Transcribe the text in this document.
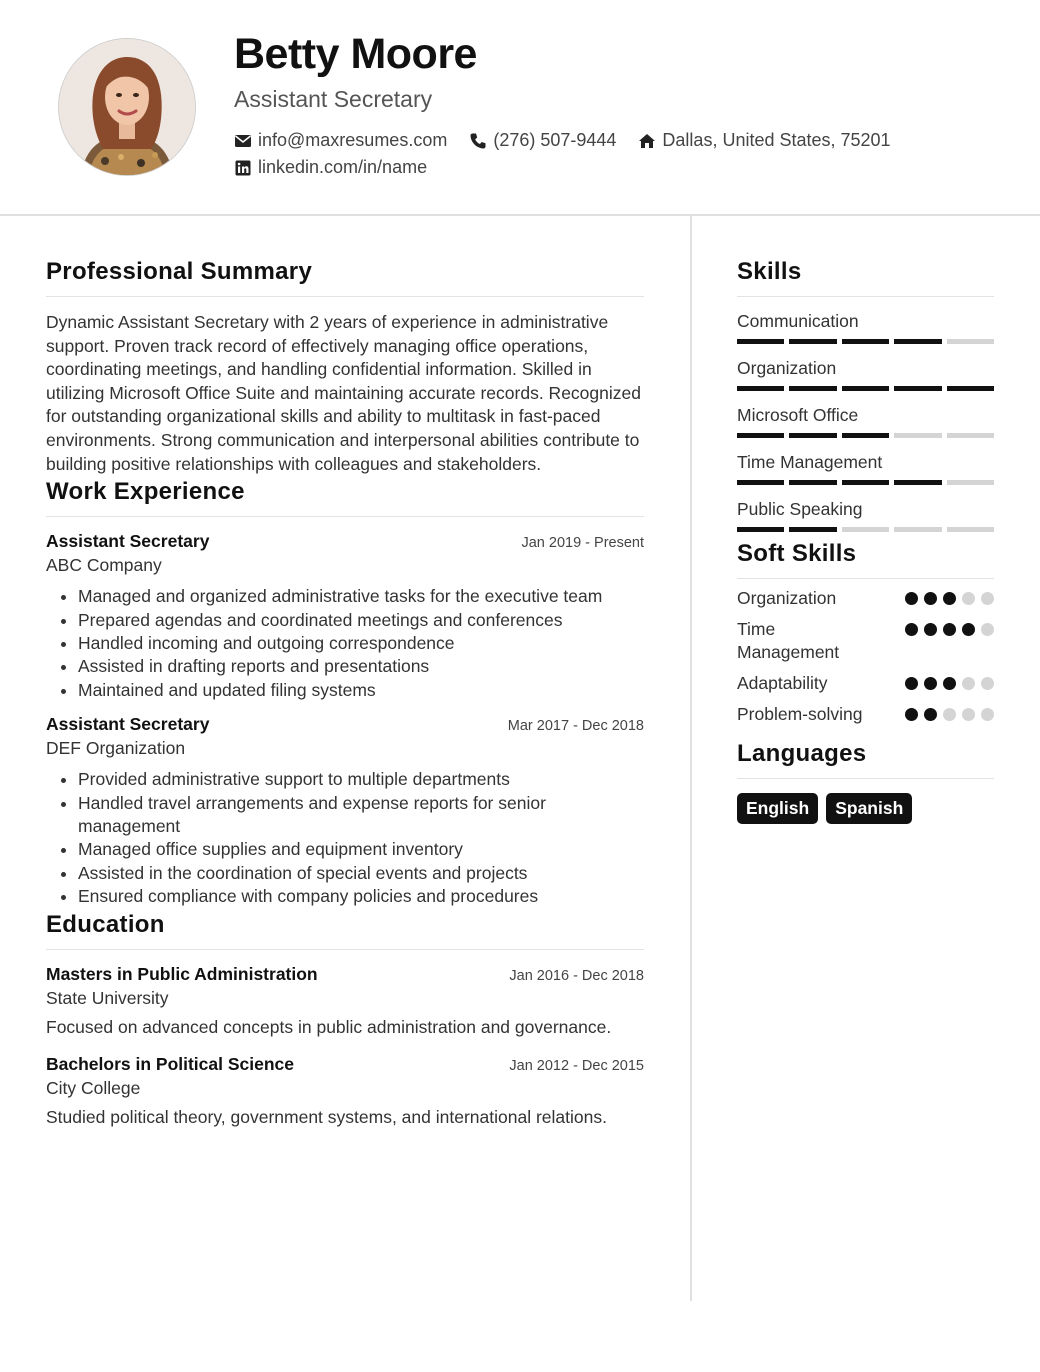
Betty Moore
Assistant Secretary
info@maxresumes.com	(276) 507-9444	Dallas, United States, 75201
linkedin.com/in/name
Professional Summary
Dynamic Assistant Secretary with 2 years of experience in administrative support. Proven track record of effectively managing office operations, coordinating meetings, and handling confidential information. Skilled in utilizing Microsoft Office Suite and maintaining accurate records. Recognized for outstanding organizational skills and ability to multitask in fast-paced environments. Strong communication and interpersonal abilities contribute to building positive relationships with colleagues and stakeholders.
Work Experience
Assistant Secretary	Jan 2019 - Present
ABC Company
• Managed and organized administrative tasks for the executive team
• Prepared agendas and coordinated meetings and conferences
• Handled incoming and outgoing correspondence
• Assisted in drafting reports and presentations
• Maintained and updated filing systems
Assistant Secretary	Mar 2017 - Dec 2018
DEF Organization
• Provided administrative support to multiple departments
• Handled travel arrangements and expense reports for senior management
• Managed office supplies and equipment inventory
• Assisted in the coordination of special events and projects
• Ensured compliance with company policies and procedures
Education
Masters in Public Administration	Jan 2016 - Dec 2018
State University
Focused on advanced concepts in public administration and governance.
Bachelors in Political Science	Jan 2012 - Dec 2015
City College
Studied political theory, government systems, and international relations.
Skills
Communication
Organization
Microsoft Office
Time Management
Public Speaking
Soft Skills
Organization
Time Management
Adaptability
Problem-solving
Languages
English	Spanish
